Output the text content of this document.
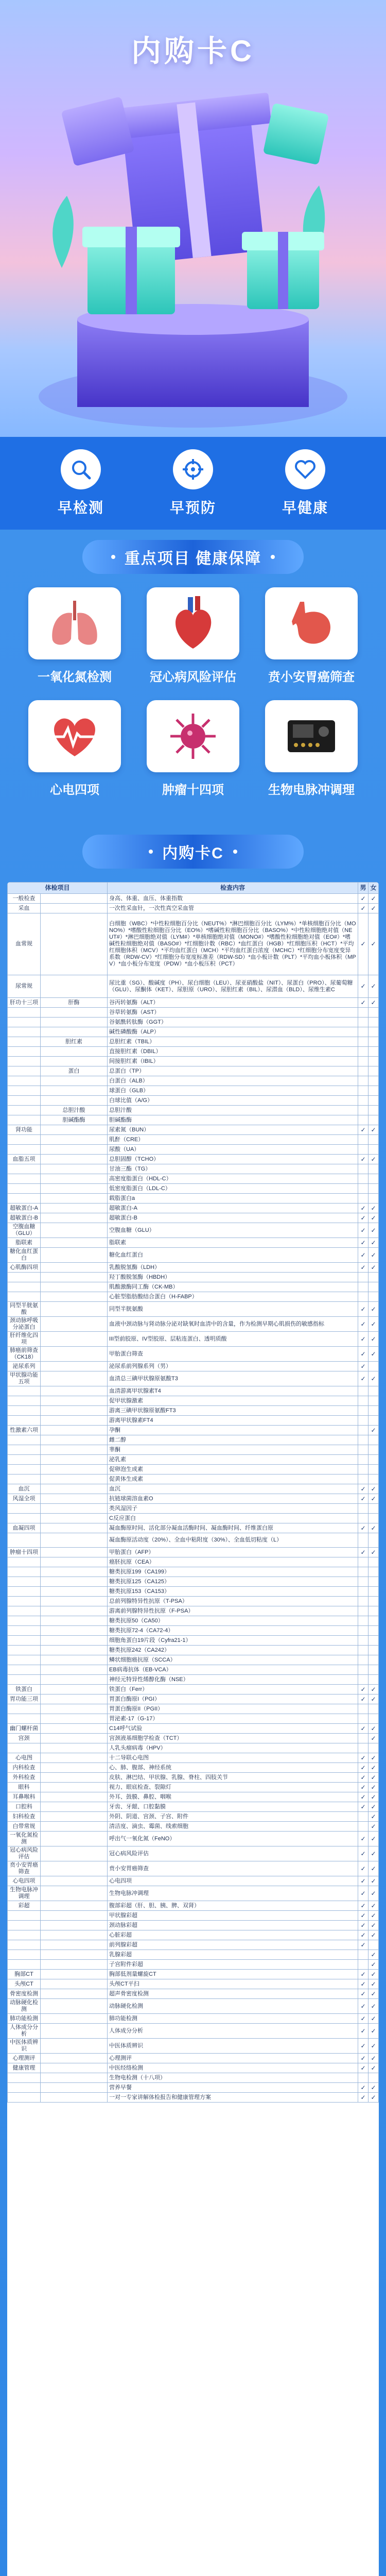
内购卡C
早检测	早预防	早健康
重点项目 健康保障
一氧化氮检测	冠心病风险评估	贲小安胃癌筛查
心电四项	肿瘤十四项	生物电脉冲调理
内购卡C
体检项目		检查内容	男	女
一般检查		身高、体重、血压、体重指数	✓	✓
采血		一次性采血针，一次性真空采血管	✓	✓
血常规		白细胞（WBC）*中性粒细胞百分比（NEUT%）*淋巴细胞百分比（LYM%）*单核细胞百分比（MONO%）*嗜酸性粒细胞百分比（EO%）*嗜碱性粒细胞百分比（BASO%）*中性粒细胞绝对值（NEUT#）*淋巴细胞绝对值（LYM#）*单核细胞绝对值（MONO#）*嗜酸性粒细胞绝对值（EO#）*嗜碱性粒细胞绝对值（BASO#）*红细胞计数（RBC）*血红蛋白（HGB）*红细胞压积（HCT）*平均红细胞体积（MCV）*平均血红蛋白（MCH）*平均血红蛋白浓度（MCHC）*红细胞分布宽度变异系数（RDW-CV）*红细胞分布宽度标准差（RDW-SD）*血小板计数（PLT）*平均血小板体积（MPV）*血小板分布宽度（PDW）*血小板压积（PCT）	✓	✓
尿常规		尿比重（SG）、酸碱度（PH）、尿白细胞（LEU）、尿亚硝酸盐（NIT）、尿蛋白（PRO）、尿葡萄糖（GLU）、尿酮体（KET）、尿胆原（URO）、尿胆红素（BIL）、尿潜血（BLD）、尿维生素C	✓	✓
肝功十三项	肝酶	谷丙转氨酶（ALT）	✓	✓
		谷草转氨酶（AST）		
		谷氨酰转肽酶（GGT）		
		碱性磷酸酶（ALP）		
	胆红素	总胆红素（TBIL）		
		直接胆红素（DBIL）		
		间接胆红素（IBIL）		
	蛋白	总蛋白（TP）		
		白蛋白（ALB）		
		球蛋白（GLB）		
		白球比值（A/G）		
	总胆汁酸	总胆汁酸		
	胆碱酯酶	胆碱酯酶		
肾功能		尿素氮（BUN）	✓	✓
		肌酐（CRE）		
		尿酸（UA）		
血脂五项		总胆固醇（TCHO）	✓	✓
		甘油三酯（TG）		
		高密度脂蛋白（HDL-C）		
		低密度脂蛋白（LDL-C）		
		载脂蛋白a		
超敏蛋白-A		超敏蛋白-A	✓	✓
超敏蛋白-B		超敏蛋白-B	✓	✓
空腹血糖（GLU）		空腹血糖（GLU）	✓	✓
脂联素		脂联素	✓	✓
糖化血红蛋白		糖化血红蛋白	✓	✓
心肌酶四项		乳酸脱氢酶（LDH）	✓	✓
		羟丁酸脱氢酶（HBDH）		
		肌酸激酶同工酶（CK-MB）		
		心脏型脂肪酸结合蛋白（H-FABP）		
同型半胱氨酸		同型半胱氨酸	✓	✓
颈动脉呼吸分泌蛋白		血液中颈动脉与肾动脉分泌对缺氧时血清中的含量，作为检测早期心肌损伤的敏感指标	✓	✓
肝纤维化四项		III型前胶原、IV型胶原、层粘连蛋白、透明质酸	✓	✓
肺癌前筛查（CK18）		甲胎蛋白筛查	✓	✓
泌尿系列		泌尿系前列腺系列（男）	✓	
甲状腺功能五项		血清总三碘甲状腺原氨酸T3	✓	✓
		血清游离甲状腺素T4		
		促甲状腺激素		
		游离三碘甲状腺原氨酸FT3		
		游离甲状腺素FT4		
性激素六项		孕酮		✓
		雌二醇		
		睾酮		
		泌乳素		
		促卵泡生成素		
		促黄体生成素		
血沉		血沉	✓	✓
风湿全项		抗链球菌溶血素O	✓	✓
		类风湿因子		
		C反应蛋白		
血凝四项		凝血酶原时间、活化部分凝血活酶时间、凝血酶时间、纤维蛋白原	✓	✓
		凝血酶原活动度（20%）、全血中粘附度（30%）、全血低切粘度（L）		
肿瘤十四项		甲胎蛋白（AFP）	✓	✓
		癌胚抗原（CEA）		
		糖类抗原199（CA199）		
		糖类抗原125（CA125）		
		糖类抗原153（CA153）		
		总前列腺特异性抗原（T-PSA）		
		游离前列腺特异性抗原（F-PSA）		
		糖类抗原50（CA50）		
		糖类抗原72-4（CA72-4）		
		细胞角蛋白19片段（Cyfra21-1）		
		糖类抗原242（CA242）		
		鳞状细胞癌抗原（SCCA）		
		EB病毒抗体（EB-VCA）		
		神经元特异性烯醇化酶（NSE）		
铁蛋白		铁蛋白（Ferr）	✓	✓
胃功能三项		胃蛋白酶原I（PGI）	✓	✓
		胃蛋白酶原II（PGII）		
		胃泌素-17（G-17）		
幽门螺杆菌		C14呼气试验	✓	✓
宫颈		宫颈液基细胞学检查（TCT）		✓
		人乳头瘤病毒（HPV）		
心电图		十二导联心电图	✓	✓
内科检查		心、肺、腹部、神经系统	✓	✓
外科检查		皮肤、淋巴结、甲状腺、乳腺、脊柱、四肢关节	✓	✓
眼科		视力、眼底检查、裂隙灯	✓	✓
耳鼻喉科		外耳、鼓膜、鼻腔、咽喉	✓	✓
口腔科		牙齿、牙龈、口腔黏膜	✓	✓
妇科检查		外阴、阴道、宫颈、子宫、附件		✓
白带常规		清洁度、滴虫、霉菌、线索细胞		✓
一氧化氮检测		呼出气一氧化氮（FeNO）	✓	✓
冠心病风险评估		冠心病风险评估	✓	✓
贲小安胃癌筛查		贲小安胃癌筛查	✓	✓
心电四项		心电四项	✓	✓
生物电脉冲调理		生物电脉冲调理	✓	✓
彩超		腹部彩超（肝、胆、胰、脾、双肾）	✓	✓
		甲状腺彩超	✓	✓
		颈动脉彩超	✓	✓
		心脏彩超	✓	✓
		前列腺彩超	✓	
		乳腺彩超		✓
		子宫附件彩超		✓
胸部CT		胸部低剂量螺旋CT	✓	✓
头颅CT		头颅CT平扫	✓	✓
骨密度检测		超声骨密度检测	✓	✓
动脉硬化检测		动脉硬化检测	✓	✓
肺功能检测		肺功能检测	✓	✓
人体成分分析		人体成分分析	✓	✓
中医体质辨识		中医体质辨识	✓	✓
心理测评		心理测评	✓	✓
健康管理		中医经络检测	✓	✓
		生物电检测（十八项）		
		营养早餐	✓	✓
		一对一专家讲解体检报告和健康管理方案	✓	✓
